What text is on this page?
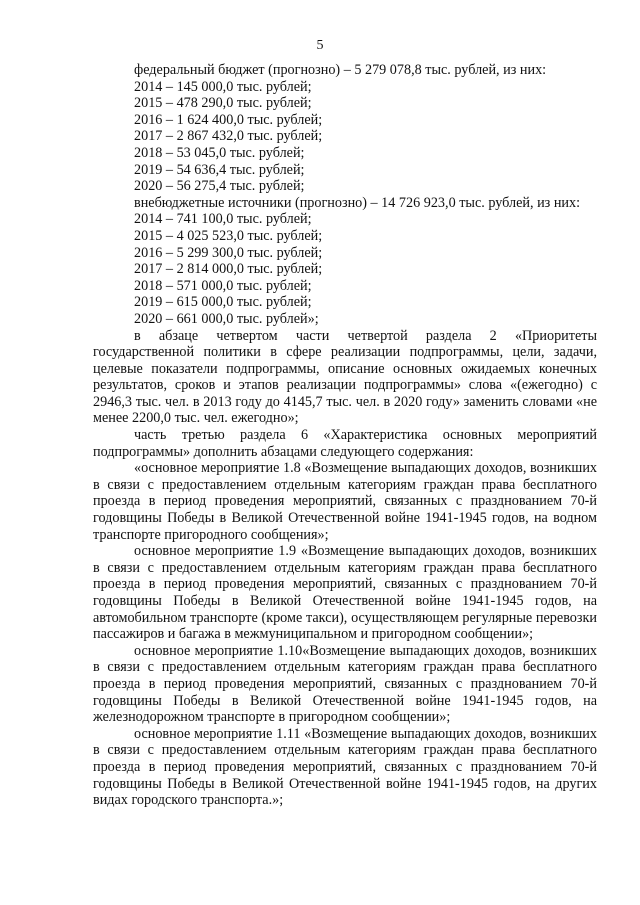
5

федеральный бюджет (прогнозно) – 5 279 078,8 тыс. рублей, из них:

2014 – 145 000,0 тыс. рублей;

2015 – 478 290,0 тыс. рублей;

2016 – 1 624 400,0 тыс. рублей;

2017 – 2 867 432,0 тыс. рублей;

2018 – 53 045,0 тыс. рублей;

2019 – 54 636,4 тыс. рублей;

2020 – 56 275,4 тыс. рублей;

внебюджетные источники (прогнозно) – 14 726 923,0 тыс. рублей, из них:

2014 – 741 100,0 тыс. рублей;

2015 – 4 025 523,0 тыс. рублей;

2016 – 5 299 300,0 тыс. рублей;

2017 – 2 814 000,0 тыс. рублей;

2018 – 571 000,0 тыс. рублей;

2019 – 615 000,0 тыс. рублей;

2020 – 661 000,0 тыс. рублей»;

в абзаце четвертом части четвертой раздела 2 «Приоритеты государственной политики в сфере реализации подпрограммы, цели, задачи, целевые показатели подпрограммы, описание основных ожидаемых конечных результатов, сроков и этапов реализации подпрограммы» слова «(ежегодно) с 2946,3 тыс. чел. в 2013 году до 4145,7 тыс. чел. в 2020 году» заменить словами «не менее 2200,0 тыс. чел. ежегодно»;

часть третью раздела 6 «Характеристика основных мероприятий подпрограммы» дополнить абзацами следующего содержания:

«основное мероприятие 1.8 «Возмещение выпадающих доходов, возникших в связи с предоставлением отдельным категориям граждан права бесплатного проезда в период проведения мероприятий, связанных с празднованием 70-й годовщины Победы в Великой Отечественной войне 1941-1945 годов, на водном транспорте пригородного сообщения»;

основное мероприятие 1.9 «Возмещение выпадающих доходов, возникших в связи с предоставлением отдельным категориям граждан права бесплатного проезда в период проведения мероприятий, связанных с празднованием 70-й годовщины Победы в Великой Отечественной войне 1941-1945 годов, на автомобильном транспорте (кроме такси), осуществляющем регулярные перевозки пассажиров и багажа в межмуниципальном и пригородном сообщении»;

основное мероприятие 1.10«Возмещение выпадающих доходов, возникших в связи с предоставлением отдельным категориям граждан права бесплатного проезда в период проведения мероприятий, связанных с празднованием 70-й годовщины Победы в Великой Отечественной войне 1941-1945 годов, на железнодорожном транспорте в пригородном сообщении»;

основное мероприятие 1.11 «Возмещение выпадающих доходов, возникших в связи с предоставлением отдельным категориям граждан права бесплатного проезда в период проведения мероприятий, связанных с празднованием 70-й годовщины Победы в Великой Отечественной войне 1941-1945 годов, на других видах городского транспорта.»;
